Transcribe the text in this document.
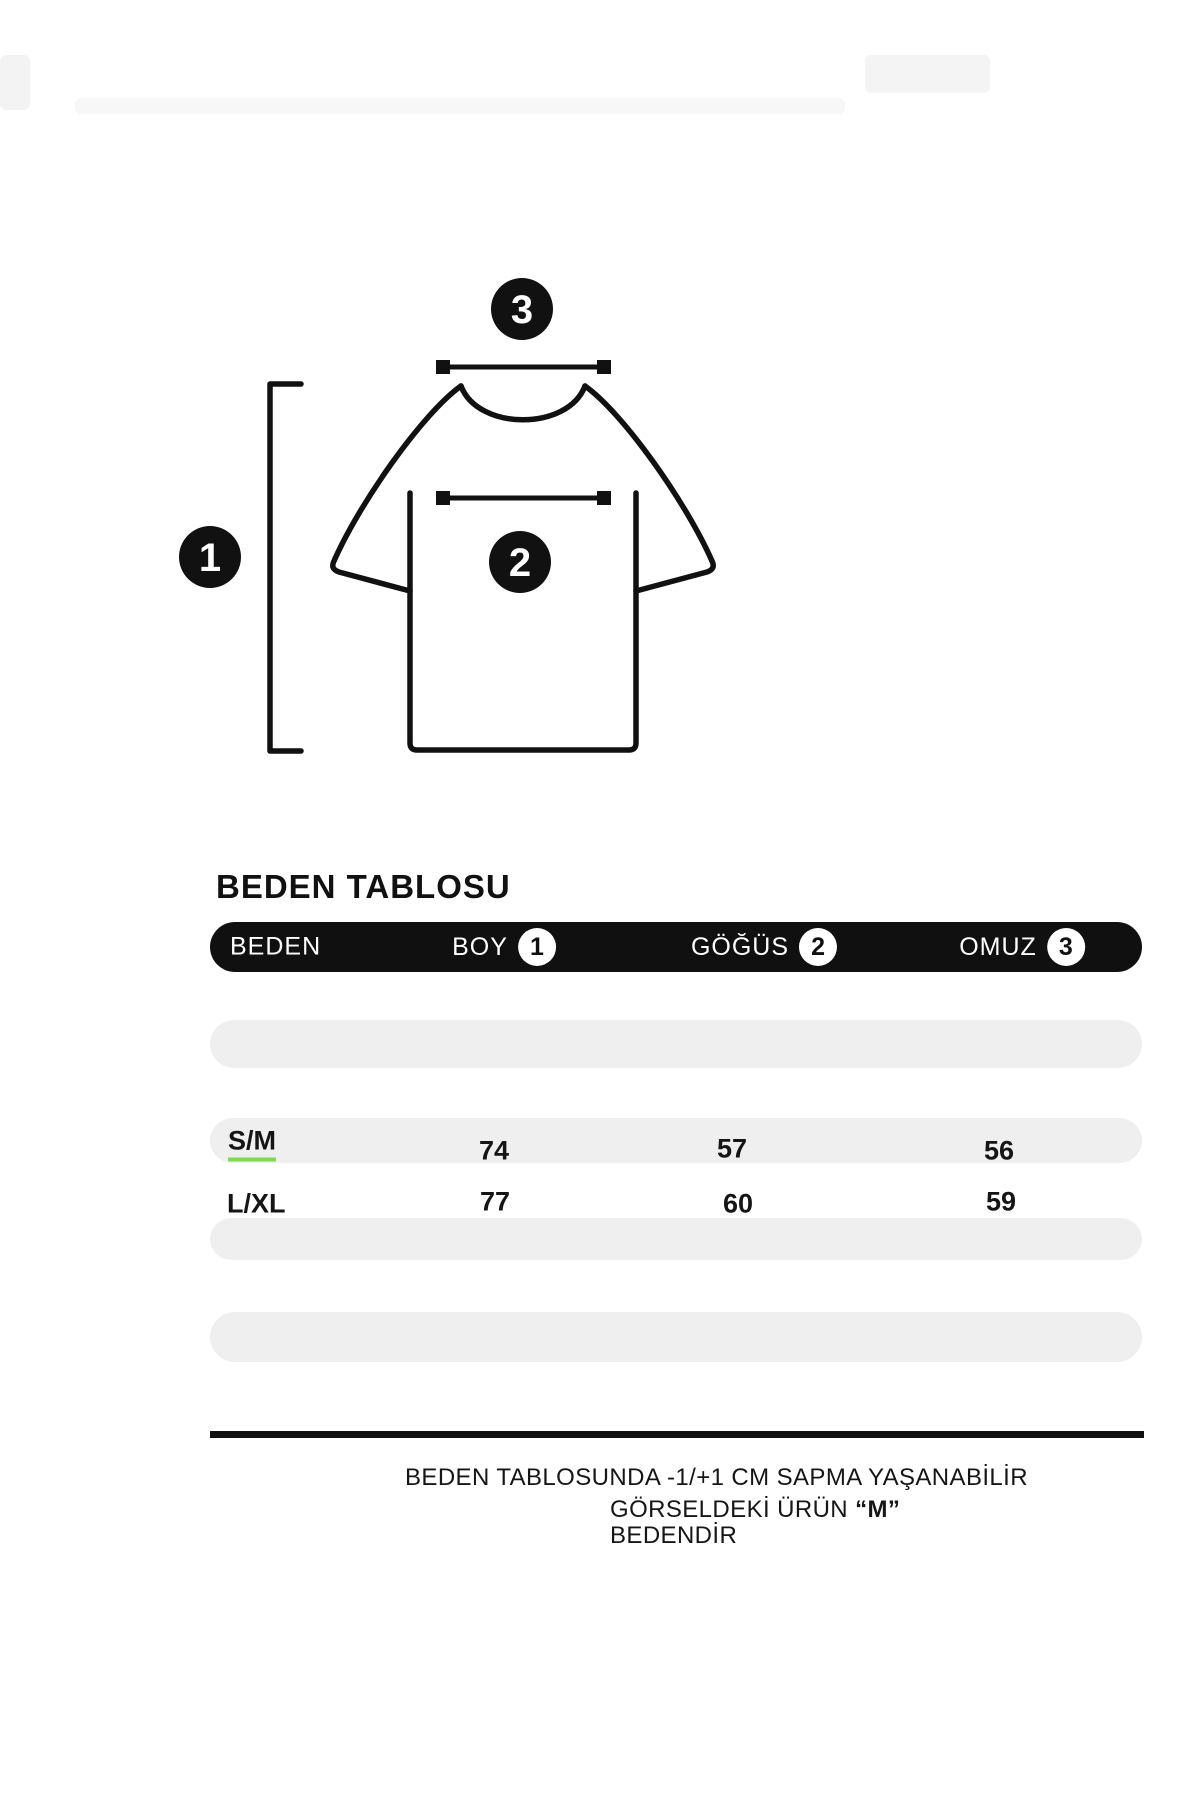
1	2
3
BEDEN TABLOSU
BEDEN	BOY 1	GÖĞÜS 2	OMUZ 3
S/M	74	57	56
L/XL	77	60	59
BEDEN TABLOSUNDA -1/+1 CM SAPMA YAŞANABİLİR
GÖRSELDEKİ ÜRÜN “M”
BEDENDİR
